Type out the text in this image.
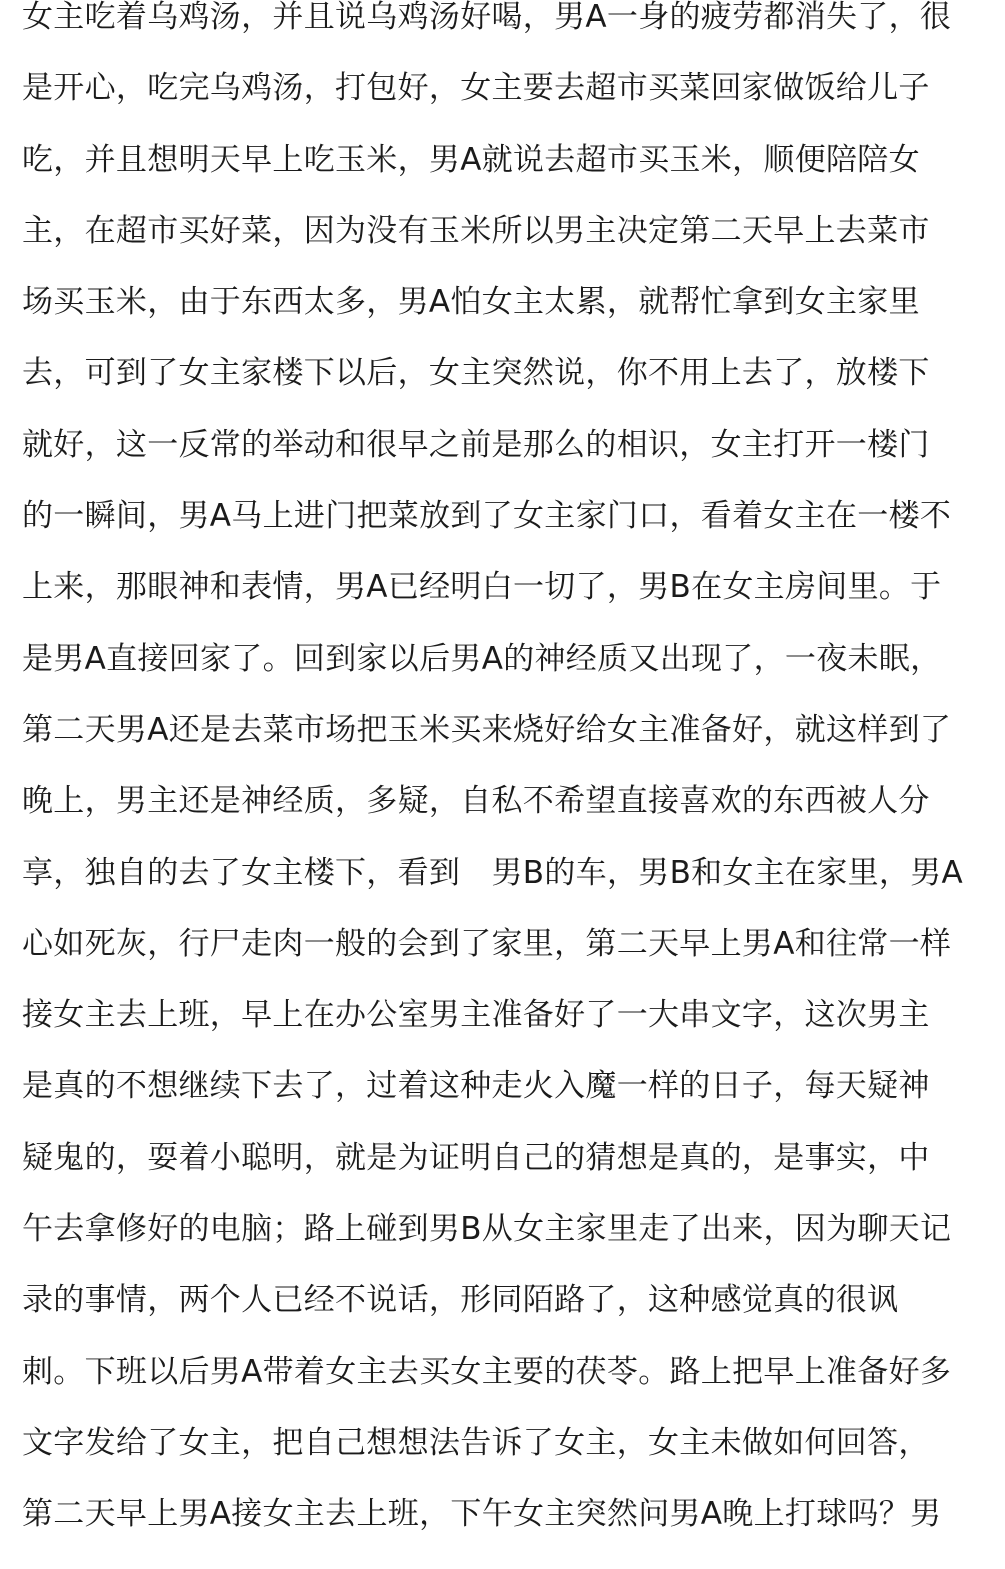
女主吃着乌鸡汤，并且说乌鸡汤好喝，男A一身的疲劳都消失了，很
是开心，吃完乌鸡汤，打包好，女主要去超市买菜回家做饭给儿子
吃，并且想明天早上吃玉米，男A就说去超市买玉米，顺便陪陪女
主，在超市买好菜，因为没有玉米所以男主决定第二天早上去菜市
场买玉米，由于东西太多，男A怕女主太累，就帮忙拿到女主家里
去，可到了女主家楼下以后，女主突然说，你不用上去了，放楼下
就好，这一反常的举动和很早之前是那么的相识，女主打开一楼门
的一瞬间，男A马上进门把菜放到了女主家门口，看着女主在一楼不
上来，那眼神和表情，男A已经明白一切了，男B在女主房间里。于
是男A直接回家了。回到家以后男A的神经质又出现了，一夜未眠，
第二天男A还是去菜市场把玉米买来烧好给女主准备好，就这样到了
晚上，男主还是神经质，多疑，自私不希望直接喜欢的东西被人分
享，独自的去了女主楼下，看到　男B的车，男B和女主在家里，男A
心如死灰，行尸走肉一般的会到了家里，第二天早上男A和往常一样
接女主去上班，早上在办公室男主准备好了一大串文字，这次男主
是真的不想继续下去了，过着这种走火入魔一样的日子，每天疑神
疑鬼的，耍着小聪明，就是为证明自己的猜想是真的，是事实，中
午去拿修好的电脑；路上碰到男B从女主家里走了出来，因为聊天记
录的事情，两个人已经不说话，形同陌路了，这种感觉真的很讽
刺。下班以后男A带着女主去买女主要的茯苓。路上把早上准备好多
文字发给了女主，把自己想想法告诉了女主，女主未做如何回答，
第二天早上男A接女主去上班，下午女主突然问男A晚上打球吗？男
